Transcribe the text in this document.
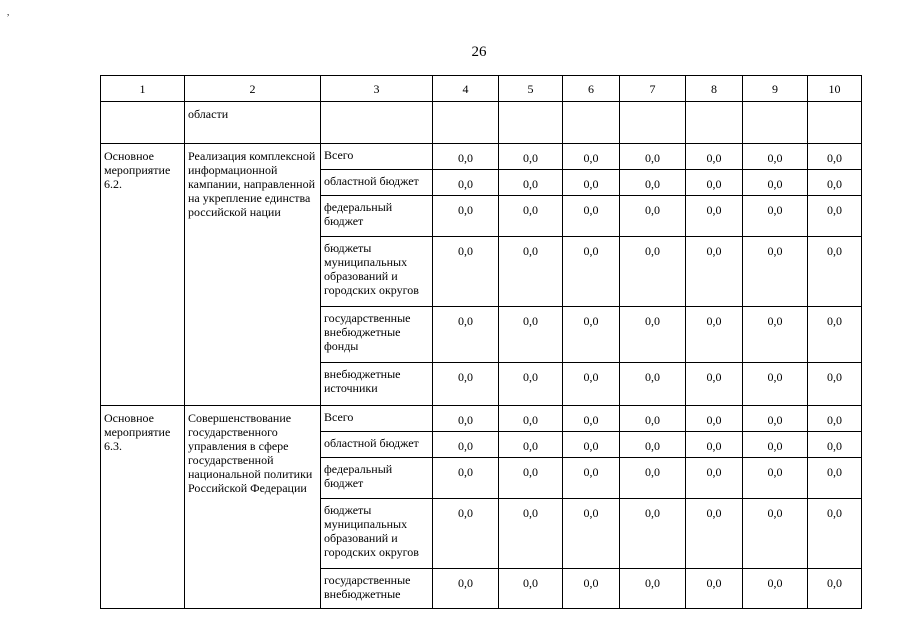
,
26
1	2	3	4	5	6	7	8	9	10
	области								
Основное мероприятие 6.2.	Реализация комплексной информационной кампании, направленной на укрепление единства российской нации	Всего	0,0	0,0	0,0	0,0	0,0	0,0	0,0
		областной бюджет	0,0	0,0	0,0	0,0	0,0	0,0	0,0
		федеральный бюджет	0,0	0,0	0,0	0,0	0,0	0,0	0,0
		бюджеты муниципальных образований и городских округов	0,0	0,0	0,0	0,0	0,0	0,0	0,0
		государственные внебюджетные фонды	0,0	0,0	0,0	0,0	0,0	0,0	0,0
		внебюджетные источники	0,0	0,0	0,0	0,0	0,0	0,0	0,0
Основное мероприятие 6.3.	Совершенствование государственного управления в сфере государственной национальной политики Российской Федерации	Всего	0,0	0,0	0,0	0,0	0,0	0,0	0,0
		областной бюджет	0,0	0,0	0,0	0,0	0,0	0,0	0,0
		федеральный бюджет	0,0	0,0	0,0	0,0	0,0	0,0	0,0
		бюджеты муниципальных образований и городских округов	0,0	0,0	0,0	0,0	0,0	0,0	0,0
		государственные внебюджетные	0,0	0,0	0,0	0,0	0,0	0,0	0,0
